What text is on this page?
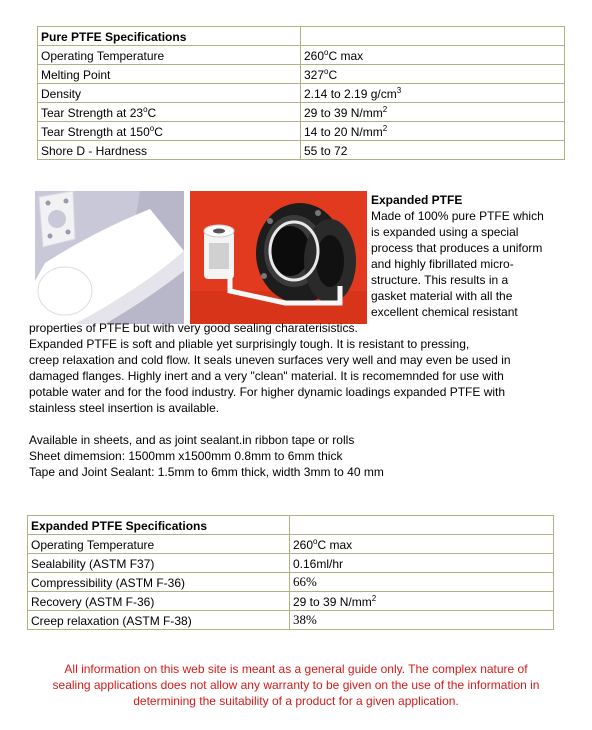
Pure PTFE Specifications	
Operating Temperature	260$^o$C max
Melting Point	327$^o$C
Density	2.14 to 2.19 $g/cm^3$
Tear Strength at 23$^o$C	29 to 39 $N/mm^2$
Tear Strength at 150$^o$C	14 to 20 $N/mm^2$
Shore D - Hardness	55 to 72
Expanded PTFE
Made of 100% pure PTFE which
is expanded using a special
process that produces a uniform
and highly fibrillated micro-
structure. This results in a
gasket material with all the
excellent chemical resistant
properties of PTFE but with very good sealing charaterisistics.
Expanded PTFE is soft and pliable yet surprisingly tough. It is resistant to pressing,
creep relaxation and cold flow. It seals uneven surfaces very well and may even be used in
damaged flanges. Highly inert and a very "clean" material. It is recomemnded for use with
potable water and for the food industry. For higher dynamic loadings expanded PTFE with
stainless steel insertion is available.
Available in sheets, and as joint sealant.in ribbon tape or rolls
Sheet dimemsion: 1500mm x1500mm 0.8mm to 6mm thick
Tape and Joint Sealant: 1.5mm to 6mm thick, width 3mm to 40 mm
Expanded PTFE Specifications	
Operating Temperature	260$^o$C max
Sealability (ASTM F37)	0.16ml/hr
Compressibility (ASTM F-36)	66%
Recovery (ASTM F-36)	29 to 39 $N/mm^2$
Creep relaxation (ASTM F-38)	38%
All information on this web site is meant as a general guide only. The complex nature of
sealing applications does not allow any warranty to be given on the use of the information in
determining the suitability of a product for a given application.
